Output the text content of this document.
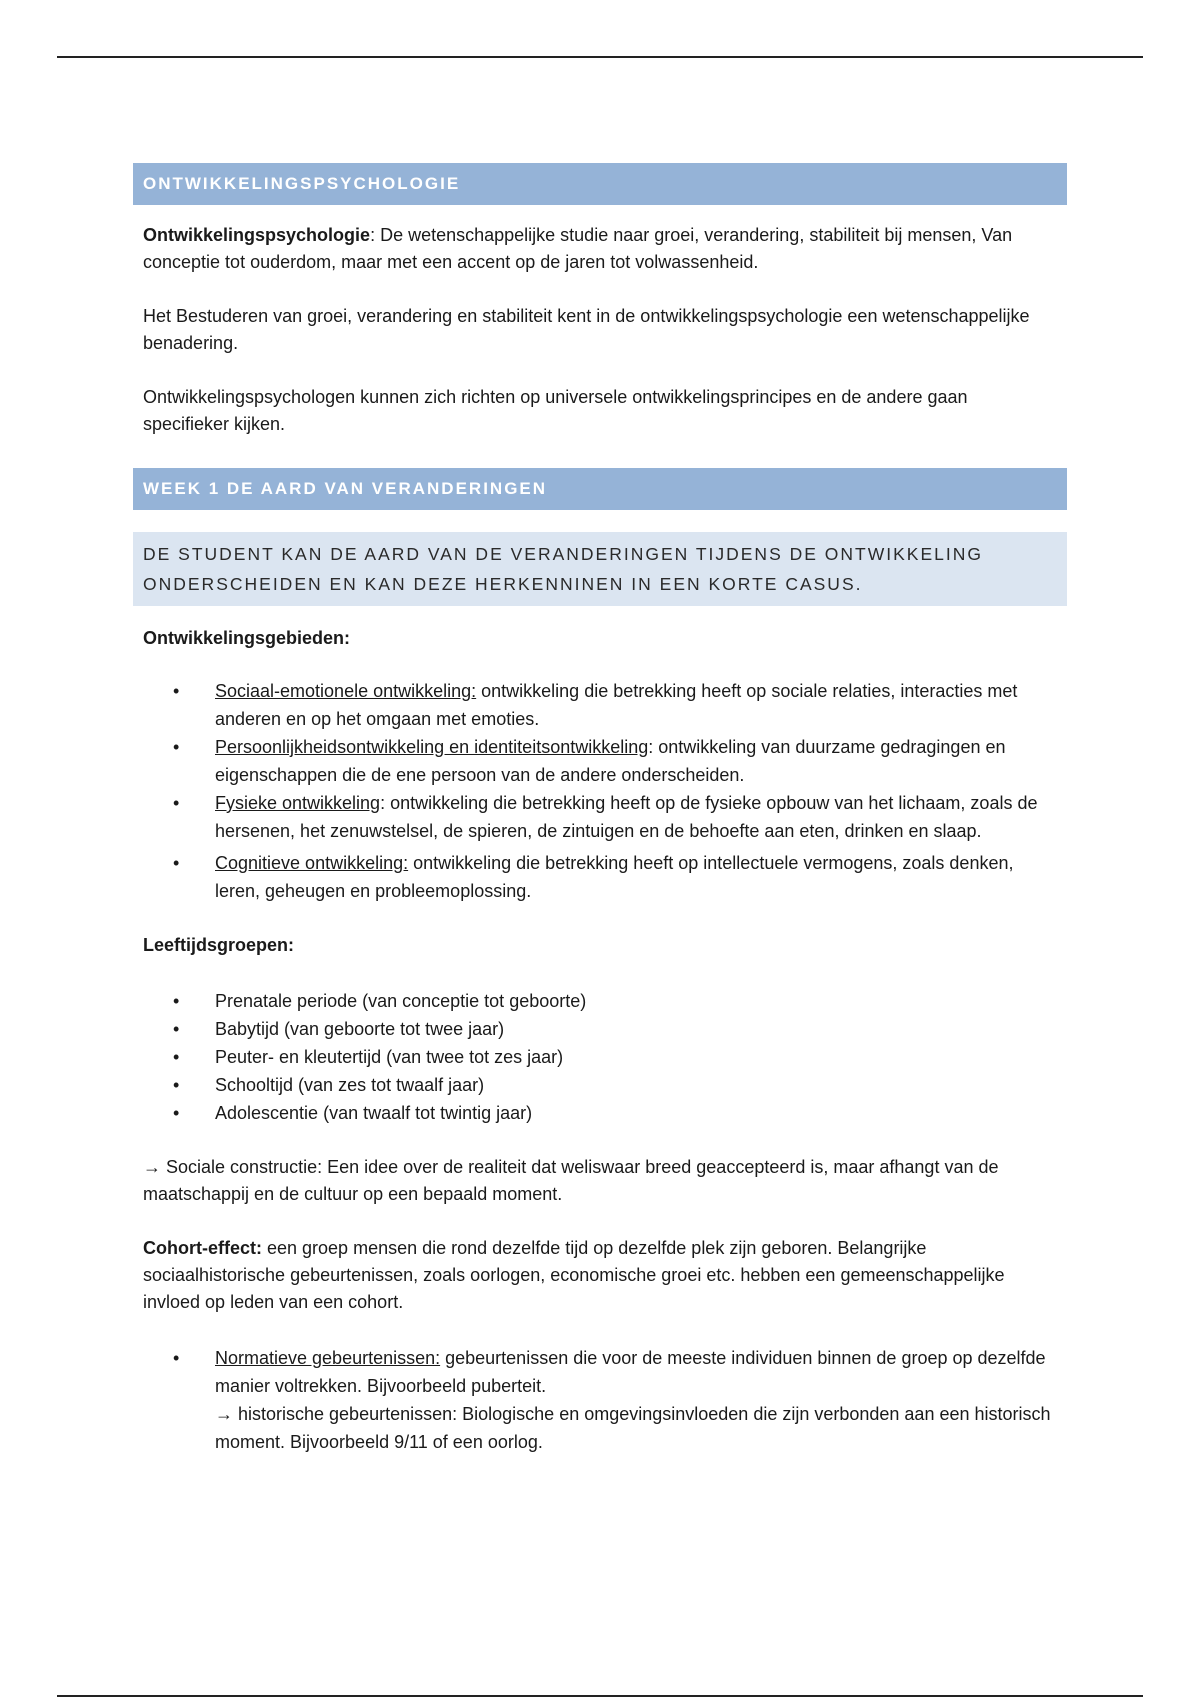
ONTWIKKELINGSPSYCHOLOGIE

Ontwikkelingspsychologie: De wetenschappelijke studie naar groei, verandering, stabiliteit bij mensen, Van conceptie tot ouderdom, maar met een accent op de jaren tot volwassenheid.

Het Bestuderen van groei, verandering en stabiliteit kent in de ontwikkelingspsychologie een wetenschappelijke benadering.

Ontwikkelingspsychologen kunnen zich richten op universele ontwikkelingsprincipes en de andere gaan specifieker kijken.

WEEK 1 DE AARD VAN VERANDERINGEN
DE STUDENT KAN DE AARD VAN DE VERANDERINGEN TIJDENS DE ONTWIKKELING ONDERSCHEIDEN EN KAN DEZE HERKENNINEN IN EEN KORTE CASUS.

Ontwikkelingsgebieden:

• Sociaal-emotionele ontwikkeling: ontwikkeling die betrekking heeft op sociale relaties, interacties met anderen en op het omgaan met emoties.
• Persoonlijkheidsontwikkeling en identiteitsontwikkeling: ontwikkeling van duurzame gedragingen en eigenschappen die de ene persoon van de andere onderscheiden.
• Fysieke ontwikkeling: ontwikkeling die betrekking heeft op de fysieke opbouw van het lichaam, zoals de hersenen, het zenuwstelsel, de spieren, de zintuigen en de behoefte aan eten, drinken en slaap.
• Cognitieve ontwikkeling: ontwikkeling die betrekking heeft op intellectuele vermogens, zoals denken, leren, geheugen en probleemoplossing.

Leeftijdsgroepen:

• Prenatale periode (van conceptie tot geboorte)
• Babytijd (van geboorte tot twee jaar)
• Peuter- en kleutertijd (van twee tot zes jaar)
• Schooltijd (van zes tot twaalf jaar)
• Adolescentie (van twaalf tot twintig jaar)

→ Sociale constructie: Een idee over de realiteit dat weliswaar breed geaccepteerd is, maar afhangt van de maatschappij en de cultuur op een bepaald moment.

Cohort-effect: een groep mensen die rond dezelfde tijd op dezelfde plek zijn geboren. Belangrijke sociaalhistorische gebeurtenissen, zoals oorlogen, economische groei etc. hebben een gemeenschappelijke invloed op leden van een cohort.

• Normatieve gebeurtenissen: gebeurtenissen die voor de meeste individuen binnen de groep op dezelfde manier voltrekken. Bijvoorbeeld puberteit.
→ historische gebeurtenissen: Biologische en omgevingsinvloeden die zijn verbonden aan een historisch moment. Bijvoorbeeld 9/11 of een oorlog.
